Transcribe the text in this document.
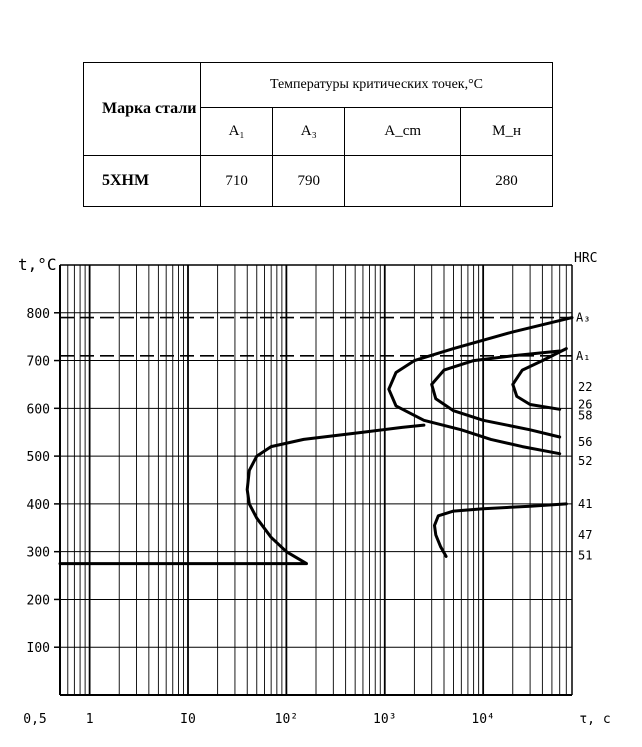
Марка стали	Температуры критических точек,°С			
	A₁	A₃	A_cm	M_н
5ХНМ	710	790		280
A₃
A₁
I00
200
300
400
500
600
700
800
0,5	1	I0	10²	10³	10⁴	τ, c
t,°C	HRC
22
26
58
56
52
41
47
51
